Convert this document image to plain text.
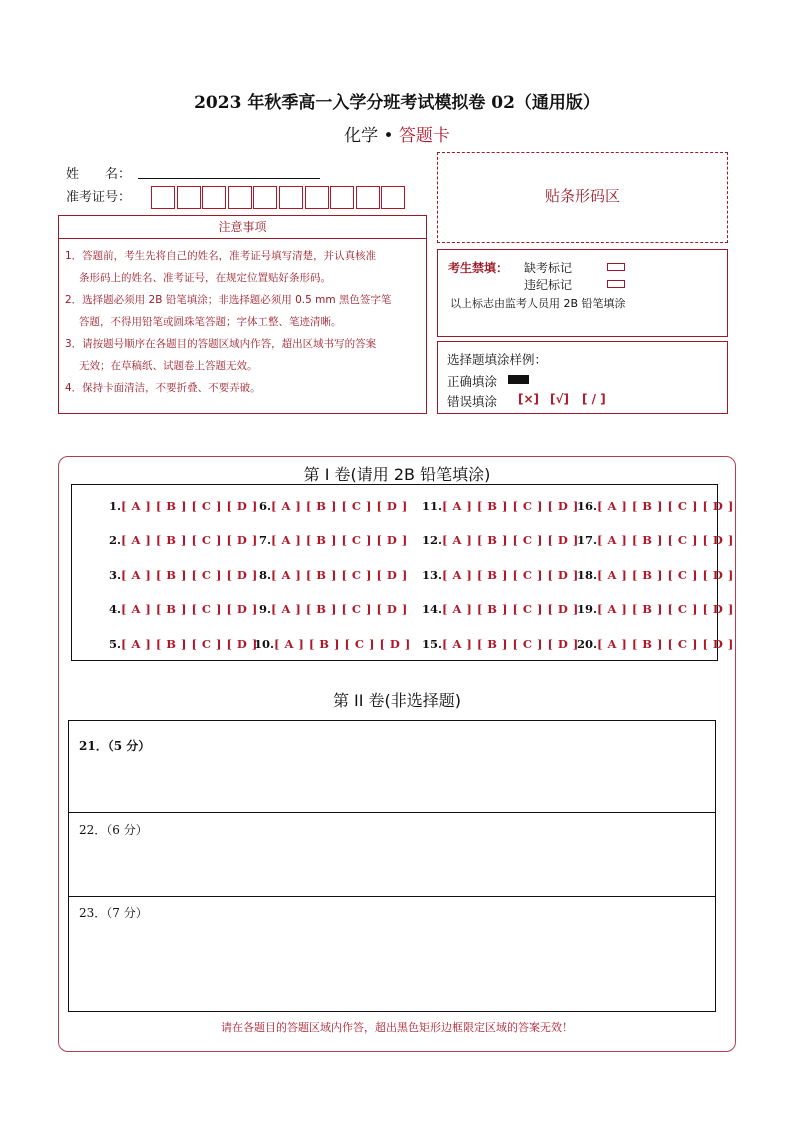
2023 年秋季高一入学分班考试模拟卷 02（通用版）
化学 • 答题卡
姓　　名：
准考证号：
注意事项

1．答题前，考生先将自己的姓名，准考证号填写清楚，并认真核准

条形码上的姓名、准考证号，在规定位置贴好条形码。

2．选择题必须用 2B 铅笔填涂；非选择题必须用 0.5 mm 黑色签字笔

答题，不得用铅笔或圆珠笔答题；字体工整、笔迹清晰。

3．请按题号顺序在各题目的答题区域内作答，超出区域书写的答案

无效；在草稿纸、试题卷上答题无效。

4．保持卡面清洁，不要折叠、不要弄破。

贴条形码区
考生禁填： 缺考标记
违纪标记
以上标志由监考人员用 2B 铅笔填涂
选择题填涂样例：
正确填涂
错误填涂 [×] [√] [ / ]
第 I 卷(请用 2B 铅笔填涂)
1.[ A ] [ B ] [ C ] [ D ]
2.[ A ] [ B ] [ C ] [ D ]
3.[ A ] [ B ] [ C ] [ D ]
4.[ A ] [ B ] [ C ] [ D ]
5.[ A ] [ B ] [ C ] [ D ]
6.[ A ] [ B ] [ C ] [ D ]
7.[ A ] [ B ] [ C ] [ D ]
8.[ A ] [ B ] [ C ] [ D ]
9.[ A ] [ B ] [ C ] [ D ]
10.[ A ] [ B ] [ C ] [ D ]
11.[ A ] [ B ] [ C ] [ D ]
12.[ A ] [ B ] [ C ] [ D ]
13.[ A ] [ B ] [ C ] [ D ]
14.[ A ] [ B ] [ C ] [ D ]
15.[ A ] [ B ] [ C ] [ D ]
16.[ A ] [ B ] [ C ] [ D ]
17.[ A ] [ B ] [ C ] [ D ]
18.[ A ] [ B ] [ C ] [ D ]
19.[ A ] [ B ] [ C ] [ D ]
20.[ A ] [ B ] [ C ] [ D ]
第 II 卷(非选择题)
21．（5 分）
22．（6 分）
23．（7 分）
请在各题目的答题区域内作答，超出黑色矩形边框限定区域的答案无效！
